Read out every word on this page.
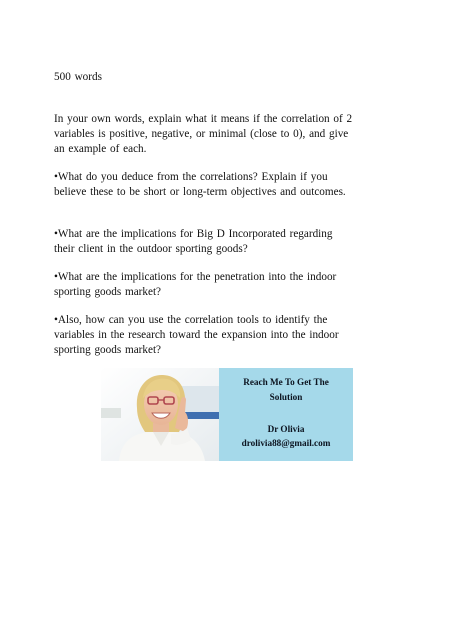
500 words

In your own words, explain what it means if the correlation of 2

variables is positive, negative, or minimal (close to 0), and give

an example of each.

•What do you deduce from the correlations? Explain if you

believe these to be short or long-term objectives and outcomes.

•What are the implications for Big D Incorporated regarding

their client in the outdoor sporting goods?

•What are the implications for the penetration into the indoor

sporting goods market?

•Also, how can you use the correlation tools to identify the

variables in the research toward the expansion into the indoor

sporting goods market?

Reach Me To Get The
Solution
Dr Olivia
drolivia88@gmail.com
